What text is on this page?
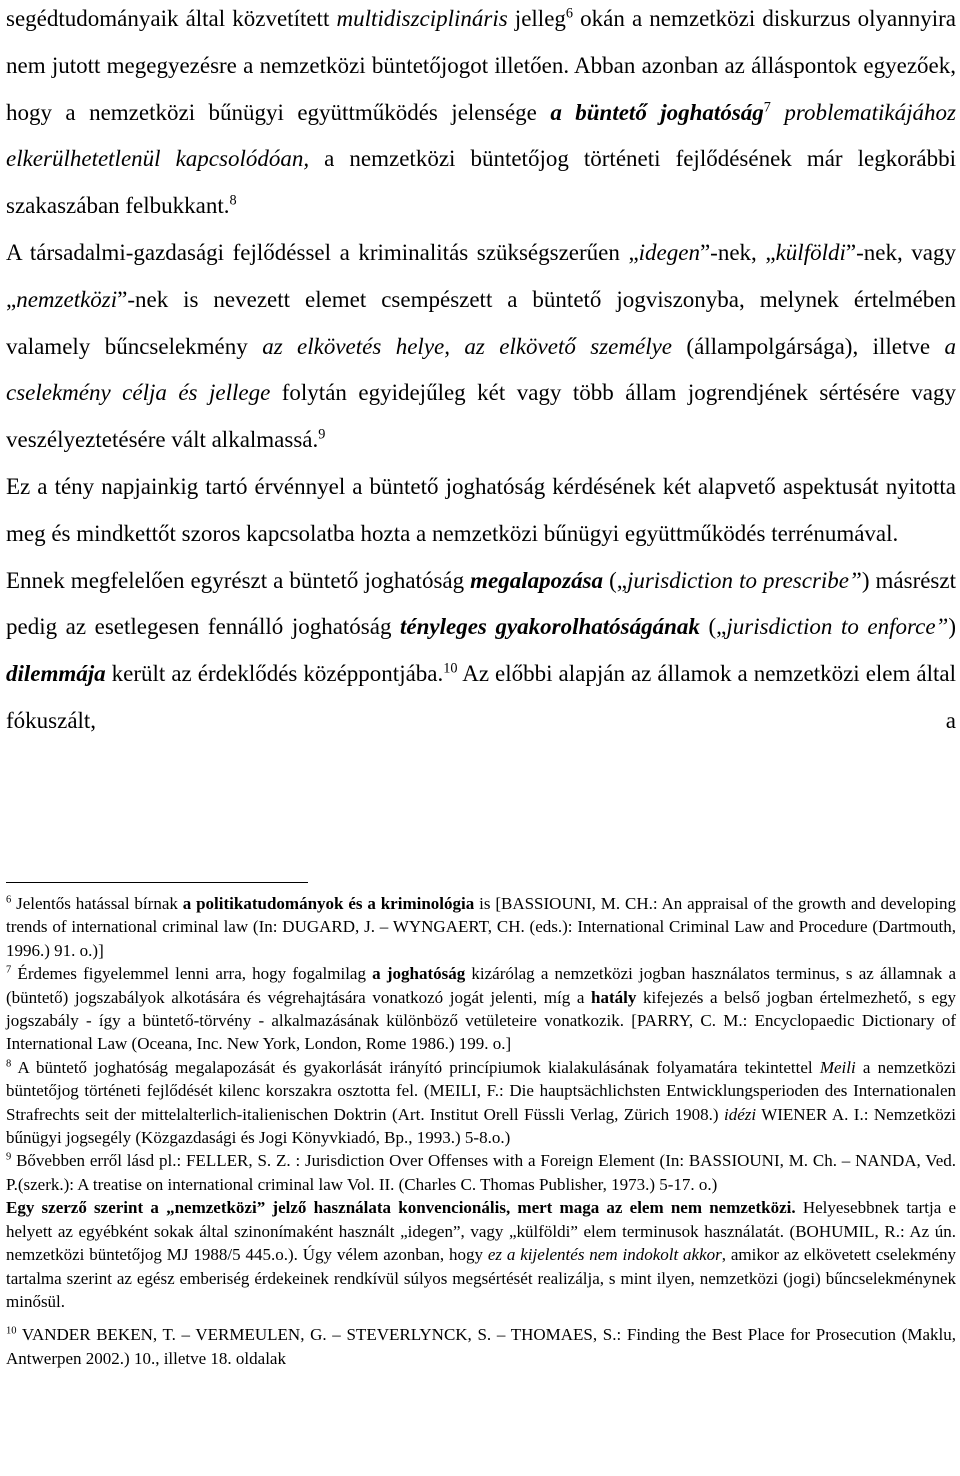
segédtudományaik által közvetített multidiszciplináris jelleg$^6$ okán a nemzetközi diskurzus olyannyira nem jutott megegyezésre a nemzetközi büntetőjogot illetően. Abban azonban az álláspontok egyezőek, hogy a nemzetközi bűnügyi együttműködés jelensége a büntető joghatóság$^7$ problematikájához elkerülhetetlenül kapcsolódóan, a nemzetközi büntetőjog történeti fejlődésének már legkorábbi szakaszában felbukkant.$^8$

A társadalmi-gazdasági fejlődéssel a kriminalitás szükségszerűen „idegen”-nek, „külföldi”-nek, vagy „nemzetközi”-nek is nevezett elemet csempészett a büntető jogviszonyba, melynek értelmében valamely bűncselekmény az elkövetés helye, az elkövető személye (állampolgársága), illetve a cselekmény célja és jellege folytán egyidejűleg két vagy több állam jogrendjének sértésére vagy veszélyeztetésére vált alkalmassá.$^9$

Ez a tény napjainkig tartó érvénnyel a büntető joghatóság kérdésének két alapvető aspektusát nyitotta meg és mindkettőt szoros kapcsolatba hozta a nemzetközi bűnügyi együttműködés terrénumával.

Ennek megfelelően egyrészt a büntető joghatóság megalapozása („jurisdiction to prescribe”) másrészt pedig az esetlegesen fennálló joghatóság tényleges gyakorolhatóságának („jurisdiction to enforce”) dilemmája került az érdeklődés középpontjába.$^{10}$ Az előbbi alapján az államok a nemzetközi elem által fókuszált, a

$^6$ Jelentős hatással bírnak a politikatudományok és a kriminológia is [BASSIOUNI, M. CH.: An appraisal of the growth and developing trends of international criminal law (In: DUGARD, J. – WYNGAERT, CH. (eds.): International Criminal Law and Procedure (Dartmouth, 1996.) 91. o.)]

$^7$ Érdemes figyelemmel lenni arra, hogy fogalmilag a joghatóság kizárólag a nemzetközi jogban használatos terminus, s az államnak a (büntető) jogszabályok alkotására és végrehajtására vonatkozó jogát jelenti, míg a hatály kifejezés a belső jogban értelmezhető, s egy jogszabály - így a büntető-törvény - alkalmazásának különböző vetületeire vonatkozik. [PARRY, C. M.: Encyclopaedic Dictionary of International Law (Oceana, Inc. New York, London, Rome 1986.) 199. o.]

$^8$ A büntető joghatóság megalapozását és gyakorlását irányító princípiumok kialakulásának folyamatára tekintettel Meili a nemzetközi büntetőjog történeti fejlődését kilenc korszakra osztotta fel. (MEILI, F.: Die hauptsächlichsten Entwicklungsperioden des Internationalen Strafrechts seit der mittelalterlich-italienischen Doktrin (Art. Institut Orell Füssli Verlag, Zürich 1908.) idézi WIENER A. I.: Nemzetközi bűnügyi jogsegély (Közgazdasági és Jogi Könyvkiadó, Bp., 1993.) 5-8.o.)

$^9$ Bővebben erről lásd pl.: FELLER, S. Z. : Jurisdiction Over Offenses with a Foreign Element (In: BASSIOUNI, M. Ch. – NANDA, Ved. P.(szerk.): A treatise on international criminal law Vol. II. (Charles C. Thomas Publisher, 1973.) 5-17. o.)
Egy szerző szerint a „nemzetközi” jelző használata konvencionális, mert maga az elem nem nemzetközi. Helyesebbnek tartja e helyett az egyébként sokak által szinonímaként használt „idegen”, vagy „külföldi” elem terminusok használatát. (BOHUMIL, R.: Az ún. nemzetközi büntetőjog MJ 1988/5 445.o.). Úgy vélem azonban, hogy ez a kijelentés nem indokolt akkor, amikor az elkövetett cselekmény tartalma szerint az egész emberiség érdekeinek rendkívül súlyos megsértését realizálja, s mint ilyen, nemzetközi (jogi) bűncselekménynek minősül.

$^{10}$ VANDER BEKEN, T. – VERMEULEN, G. – STEVERLYNCK, S. – THOMAES, S.: Finding the Best Place for Prosecution (Maklu, Antwerpen 2002.) 10., illetve 18. oldalak
